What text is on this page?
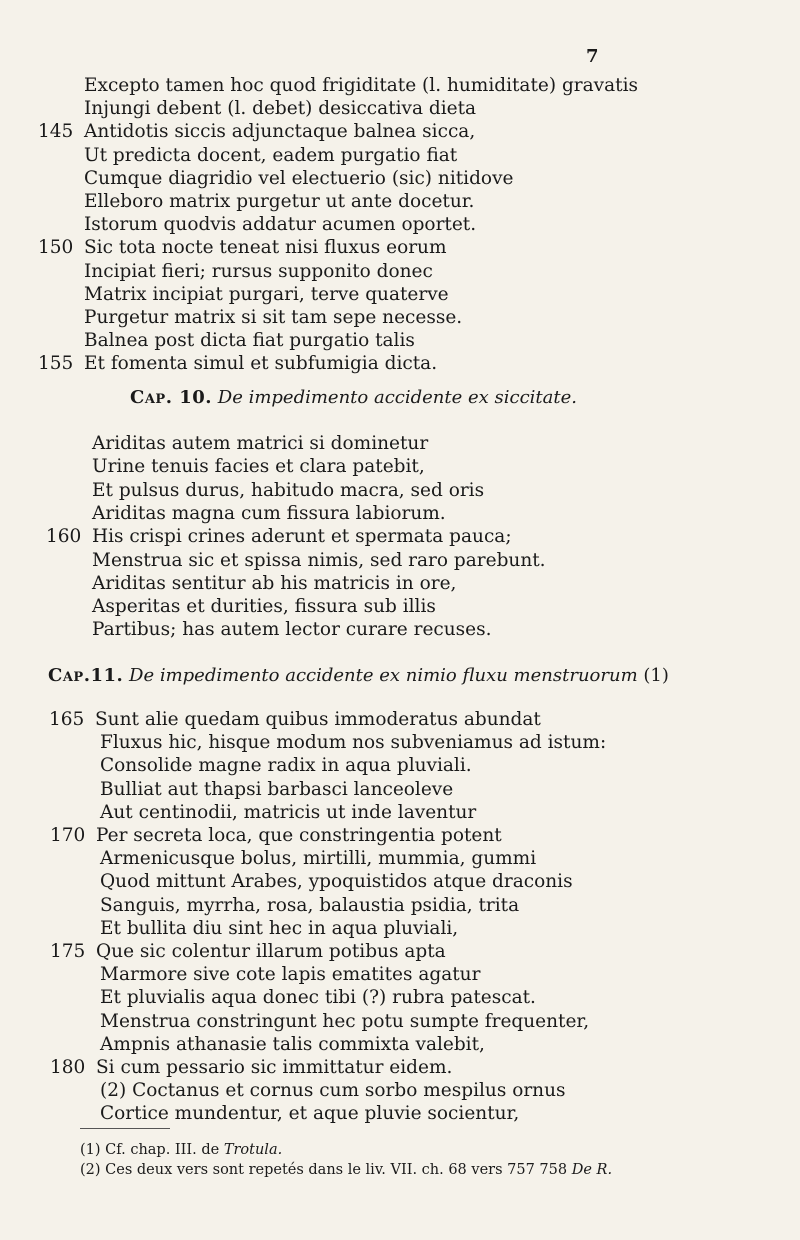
7
Excepto tamen hoc quod frigiditate (l. humiditate) gravatis
Injungi debent (l. debet) desiccativa dieta
145 Antidotis siccis adjunctaque balnea sicca,
Ut predicta docent, eadem purgatio fiat
Cumque diagridio vel electuerio (sic) nitidove
Elleboro matrix purgetur ut ante docetur.
Istorum quodvis addatur acumen oportet.
150 Sic tota nocte teneat nisi fluxus eorum
Incipiat fieri; rursus supponito donec
Matrix incipiat purgari, terve quaterve
Purgetur matrix si sit tam sepe necesse.
Balnea post dicta fiat purgatio talis
155 Et fomenta simul et subfumigia dicta.
Cap. 10. De impedimento accidente ex siccitate.
Ariditas autem matrici si dominetur
Urine tenuis facies et clara patebit,
Et pulsus durus, habitudo macra, sed oris
Ariditas magna cum fissura labiorum.
160 His crispi crines aderunt et spermata pauca;
Menstrua sic et spissa nimis, sed raro parebunt.
Ariditas sentitur ab his matricis in ore,
Asperitas et durities, fissura sub illis
Partibus; has autem lector curare recuses.
Cap.11. De impedimento accidente ex nimio fluxu menstruorum (1)
165 Sunt alie quedam quibus immoderatus abundat
Fluxus hic, hisque modum nos subveniamus ad istum:
Consolide magne radix in aqua pluviali.
Bulliat aut thapsi barbasci lanceoleve
Aut centinodii, matricis ut inde laventur
170 Per secreta loca, que constringentia potent
Armenicusque bolus, mirtilli, mummia, gummi
Quod mittunt Arabes, ypoquistidos atque draconis
Sanguis, myrrha, rosa, balaustia psidia, trita
Et bullita diu sint hec in aqua pluviali,
175 Que sic colentur illarum potibus apta
Marmore sive cote lapis ematites agatur
Et pluvialis aqua donec tibi (?) rubra patescat.
Menstrua constringunt hec potu sumpte frequenter,
Ampnis athanasie talis commixta valebit,
180 Si cum pessario sic immittatur eidem.
(2) Coctanus et cornus cum sorbo mespilus ornus
Cortice mundentur, et aque pluvie socientur,
(1) Cf. chap. III. de Trotula.
(2) Ces deux vers sont repetés dans le liv. VII. ch. 68 vers 757 758 De R.
